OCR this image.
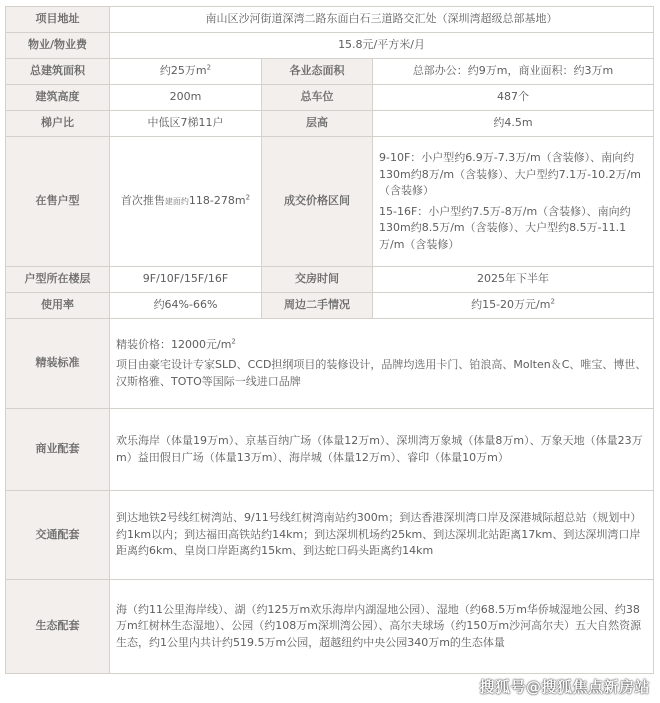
项目地址	南山区沙河街道深湾二路东面白石三道路交汇处（深圳湾超级总部基地）		
物业/物业费	15.8元/平方米/月		
总建筑面积	约25万$m^2$	各业态面积	总部办公：约9万m，商业面积：约3万m
建筑高度	200m	总车位	487个
梯户比	中低区7梯11户	层高	约4.5m
在售户型	首次推售建面约$118-278m^2$	成交价格区间	9-10F：小户型约6.9万-7.3万/m（含装修）、南向约130m约8万/m（含装修）、大户型约7.1万-10.2万/m（含装修）

15-16F：小户型约7.5万-8万/m（含装修）、南向约130m约8.5万/m（含装修）、大户型约8.5万-11.1万/m（含装修）

户型所在楼层	9F/10F/15F/16F	交房时间	2025年下半年
使用率	约64%-66%	周边二手情况	约15-20万元$/m^2$
精装标准	精装价格：12000元$/m^2$

项目由豪宅设计专家SLD、CCD担纲项目的装修设计，品牌均选用卡门、铂浪高、Molten＆C、唯宝、博世、汉斯格雅、TOTO等国际一线进口品牌		

商业配套	欢乐海岸（体量19万m）、京基百纳广场（体量12万m）、深圳湾万象城（体量8万m）、万象天地（体量23万m）益田假日广场（体量13万m）、海岸城（体量12万m）、睿印（体量10万m）		
交通配套	到达地铁2号线红树湾站、9/11号线红树湾南站约300m；到达香港深圳湾口岸及深港城际超总站（规划中）约1km以内；到达福田高铁站约14km；到达深圳机场约25km、到达深圳北站距离17km、到达深圳湾口岸距离约6km、皇岗口岸距离约15km、到达蛇口码头距离约14km		
生态配套	海（约11公里海岸线）、湖（约125万m欢乐海岸内湖湿地公园）、湿地（约68.5万m华侨城湿地公园、约38万m红树林生态湿地）、公园（约108万m深圳湾公园）、高尔夫球场（约150万m沙河高尔夫）五大自然资源生态，约1公里内共计约519.5万m公园，超越纽约中央公园340万m的生态体量		
搜狐号@搜狐焦点新房站
